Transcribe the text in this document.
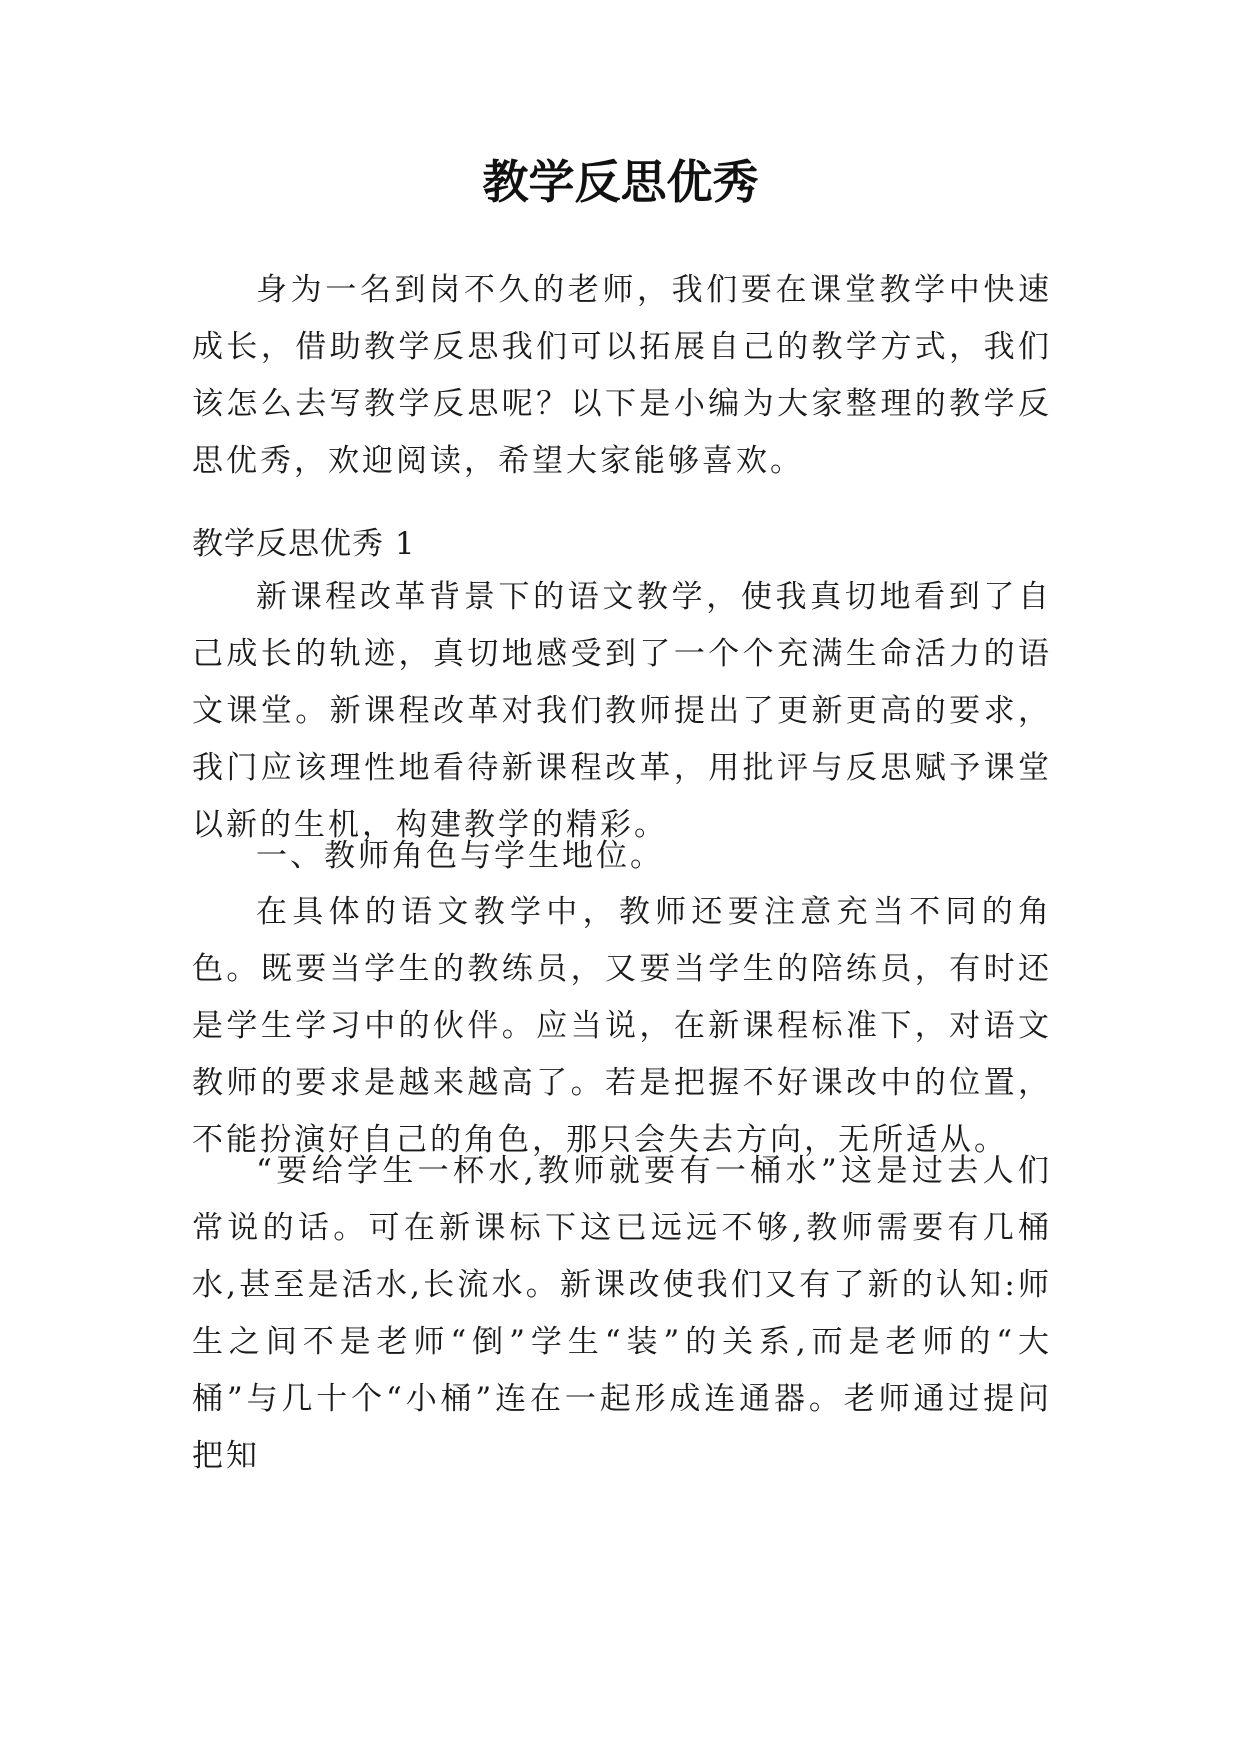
教学反思优秀

身为一名到岗不久的老师，我们要在课堂教学中快速成长，借助教学反思我们可以拓展自己的教学方式，我们该怎么去写教学反思呢？以下是小编为大家整理的教学反思优秀，欢迎阅读，希望大家能够喜欢。

教学反思优秀 1

新课程改革背景下的语文教学，使我真切地看到了自己成长的轨迹，真切地感受到了一个个充满生命活力的语文课堂。新课程改革对我们教师提出了更新更高的要求，我门应该理性地看待新课程改革，用批评与反思赋予课堂以新的生机，构建教学的精彩。

一、教师角色与学生地位。

在具体的语文教学中，教师还要注意充当不同的角色。既要当学生的教练员，又要当学生的陪练员，有时还是学生学习中的伙伴。应当说，在新课程标准下，对语文教师的要求是越来越高了。若是把握不好课改中的位置，不能扮演好自己的角色，那只会失去方向，无所适从。

“要给学生一杯水,教师就要有一桶水”这是过去人们常说的话。可在新课标下这已远远不够,教师需要有几桶水,甚至是活水,长流水。新课改使我们又有了新的认知:师生之间不是老师“倒”学生“装”的关系,而是老师的“大桶”与几十个“小桶”连在一起形成连通器。老师通过提问把知
